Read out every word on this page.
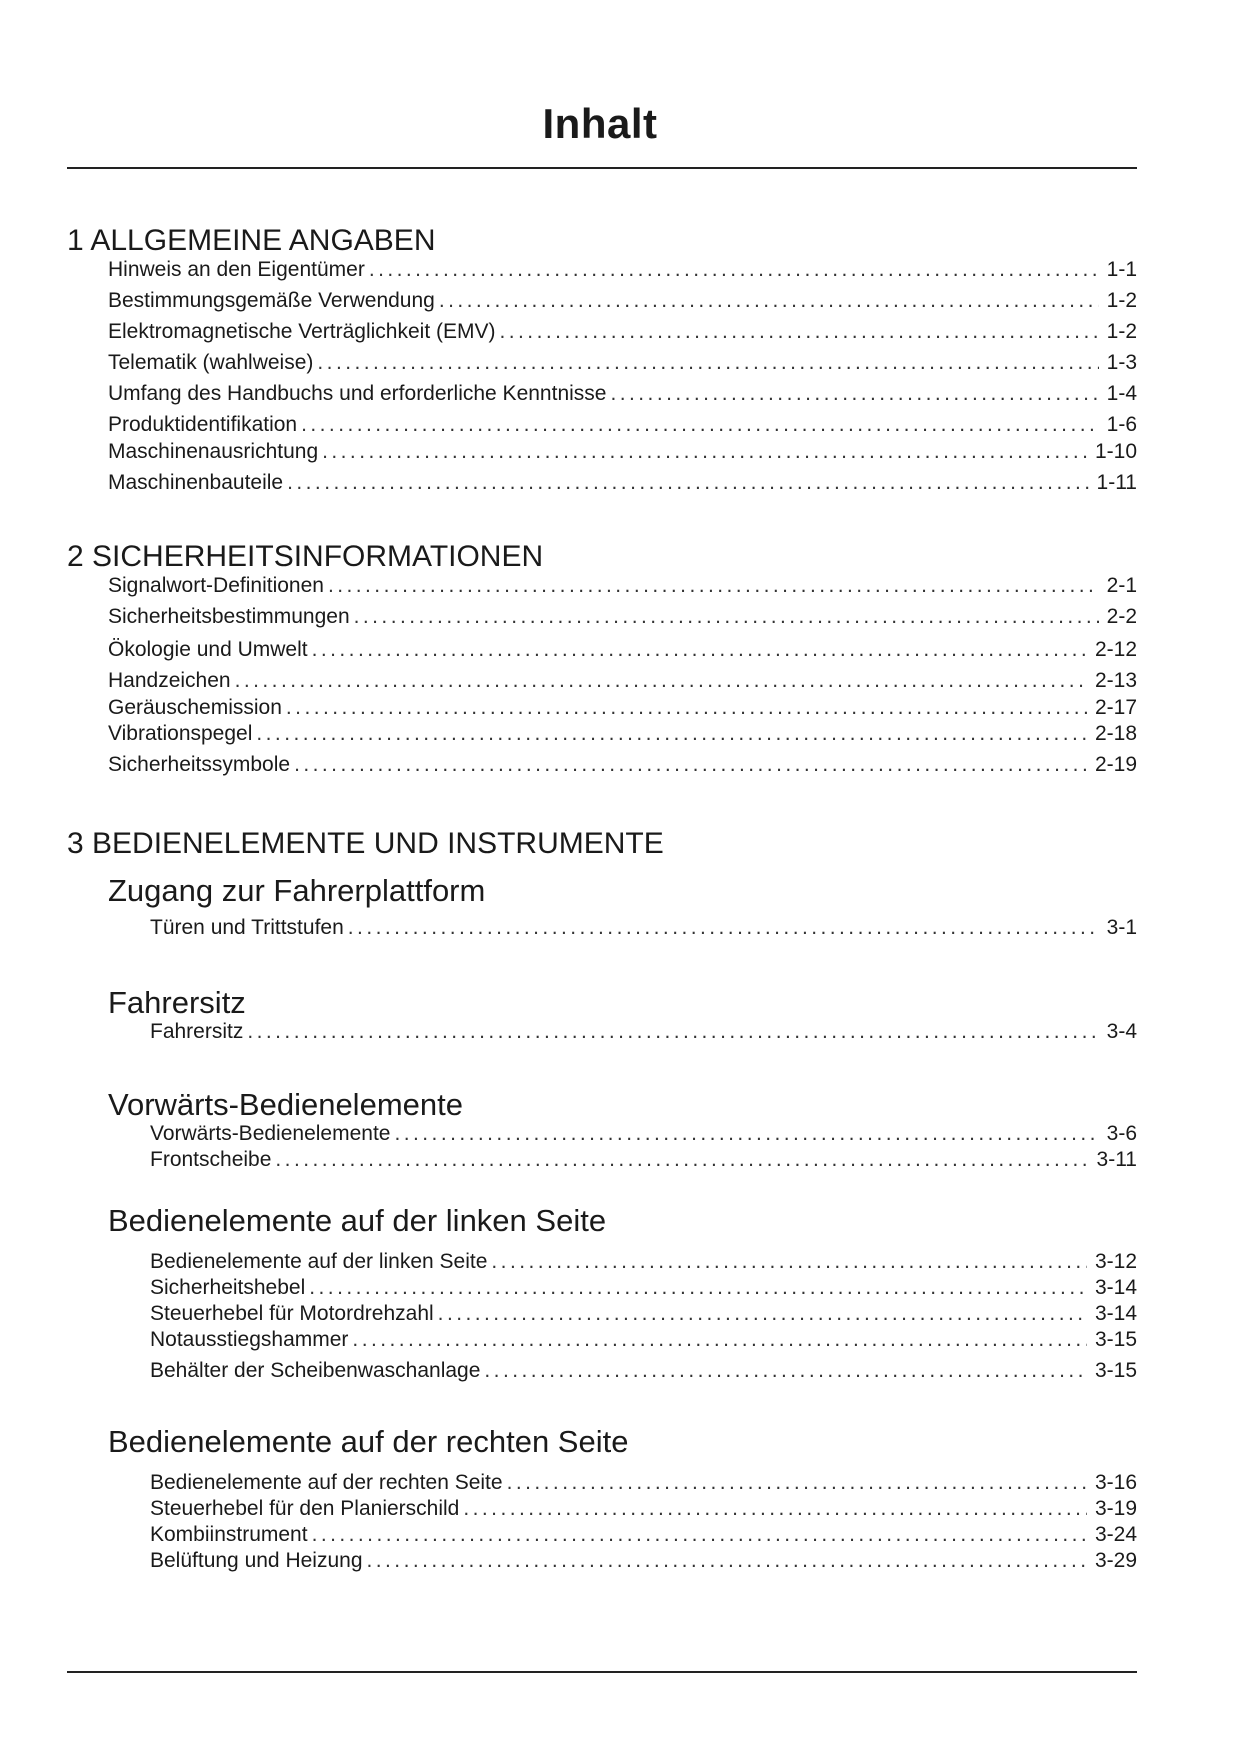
Inhalt
1 ALLGEMEINE ANGABEN
Hinweis an den Eigentümer . . .	1-1
Bestimmungsgemäße Verwendung . . .	1-2
Elektromagnetische Verträglichkeit (EMV) . . .	1-2
Telematik (wahlweise) . . .	1-3
Umfang des Handbuchs und erforderliche Kenntnisse . . .	1-4
Produktidentifikation . . .	1-6
Maschinenausrichtung . . .	1-10
Maschinenbauteile . . .	1-11
2 SICHERHEITSINFORMATIONEN
Signalwort-Definitionen . . .	2-1
Sicherheitsbestimmungen . . .	2-2
Ökologie und Umwelt . . .	2-12
Handzeichen . . .	2-13
Geräuschemission . . .	2-17
Vibrationspegel . . .	2-18
Sicherheitssymbole . . .	2-19
3 BEDIENELEMENTE UND INSTRUMENTE
Zugang zur Fahrerplattform
Türen und Trittstufen . . .	3-1
Fahrersitz
Fahrersitz . . .	3-4
Vorwärts-Bedienelemente
Vorwärts-Bedienelemente . . .	3-6
Frontscheibe . . .	3-11
Bedienelemente auf der linken Seite
Bedienelemente auf der linken Seite . . .	3-12
Sicherheitshebel . . .	3-14
Steuerhebel für Motordrehzahl . . .	3-14
Notausstiegshammer . . .	3-15
Behälter der Scheibenwaschanlage . . .	3-15
Bedienelemente auf der rechten Seite
Bedienelemente auf der rechten Seite . . .	3-16
Steuerhebel für den Planierschild . . .	3-19
Kombiinstrument . . .	3-24
Belüftung und Heizung . . .	3-29
